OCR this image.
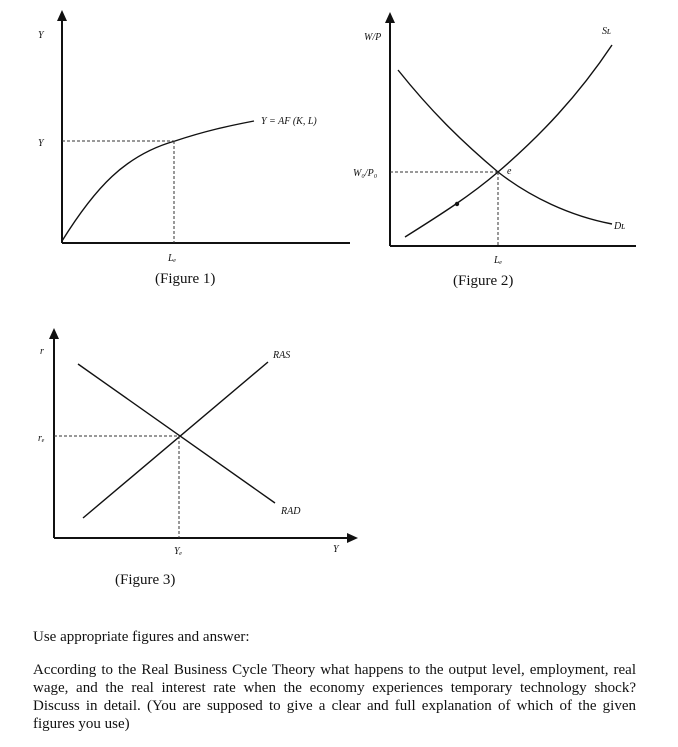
Y
Y
Y = AF (K, L)
Lₑ
(Figure 1)
W/P
W₀/P₀
Sʟ
Dʟ
e
Lₑ
(Figure 2)
r
rₑ
RAS
RAD
Yₑ	Y
(Figure 3)

Use appropriate figures and answer:

According to the Real Business Cycle Theory what happens to the output level, employment, real wage, and the real interest rate when the economy experiences temporary technology shock? Discuss in detail. (You are supposed to give a clear and full explanation of which of the given figures you use)
